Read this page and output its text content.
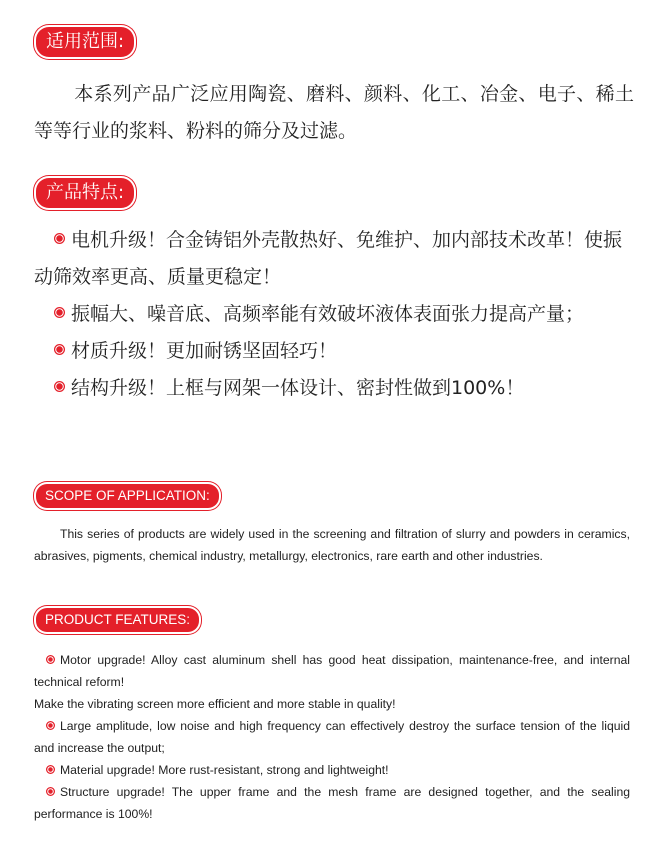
适用范围:

本系列产品广泛应用陶瓷、磨料、颜料、化工、冶金、电子、稀土等等行业的浆料、粉料的筛分及过滤。

产品特点:

电机升级！合金铸铝外壳散热好、免维护、加内部技术改革！使振动筛效率更高、质量更稳定！

振幅大、噪音底、高频率能有效破坏液体表面张力提高产量；

材质升级！更加耐锈坚固轻巧！

结构升级！上框与网架一体设计、密封性做到100%！

SCOPE OF APPLICATION:

This series of products are widely used in the screening and filtration of slurry and powders in ceramics, abrasives, pigments, chemical industry, metallurgy, electronics, rare earth and other industries.

PRODUCT FEATURES:
Motor upgrade! Alloy cast aluminum shell has good heat dissipation, maintenance-free, and internal technical reform!
Make the vibrating screen more efficient and more stable in quality!
Large amplitude, low noise and high frequency can effectively destroy the surface tension of the liquid and increase the output;
Material upgrade! More rust-resistant, strong and lightweight!
Structure upgrade! The upper frame and the mesh frame are designed together, and the sealing performance is 100%!
